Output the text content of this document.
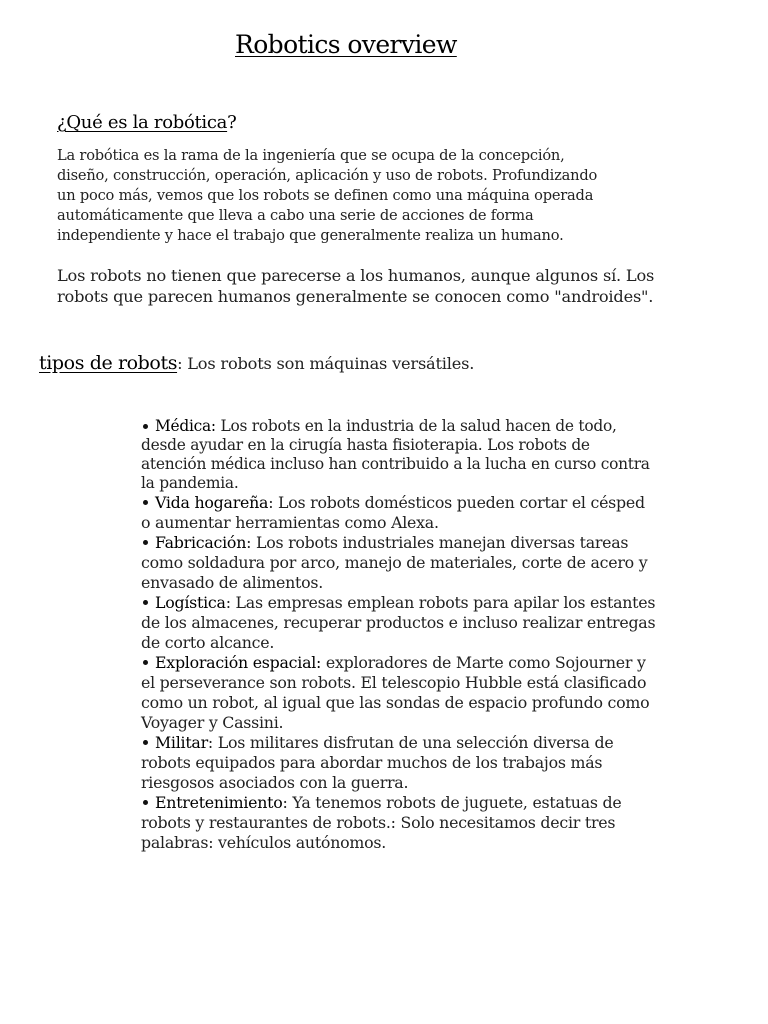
Robotics overview
¿Qué es la robótica?
La robótica es la rama de la ingeniería que se ocupa de la concepción, diseño, construcción, operación, aplicación y uso de robots. Profundizando un poco más, vemos que los robots se definen como una máquina operada automáticamente que lleva a cabo una serie de acciones de forma independiente y hace el trabajo que generalmente realiza un humano.
Los robots no tienen que parecerse a los humanos, aunque algunos sí. Los robots que parecen humanos generalmente se conocen como "androides".
tipos de robots: Los robots son máquinas versátiles.
Médica: Los robots en la industria de la salud hacen de todo, desde ayudar en la cirugía hasta fisioterapia. Los robots de atención médica incluso han contribuido a la lucha en curso contra la pandemia.
Vida hogareña: Los robots domésticos pueden cortar el césped o aumentar herramientas como Alexa.
Fabricación: Los robots industriales manejan diversas tareas como soldadura por arco, manejo de materiales, corte de acero y envasado de alimentos.
Logística: Las empresas emplean robots para apilar los estantes de los almacenes, recuperar productos e incluso realizar entregas de corto alcance.
Exploración espacial: exploradores de Marte como Sojourner y el perseverance son robots. El telescopio Hubble está clasificado como un robot, al igual que las sondas de espacio profundo como Voyager y Cassini.
Militar: Los militares disfrutan de una selección diversa de robots equipados para abordar muchos de los trabajos más riesgosos asociados con la guerra.
Entretenimiento: Ya tenemos robots de juguete, estatuas de robots y restaurantes de robots.: Solo necesitamos decir tres palabras: vehículos autónomos.
